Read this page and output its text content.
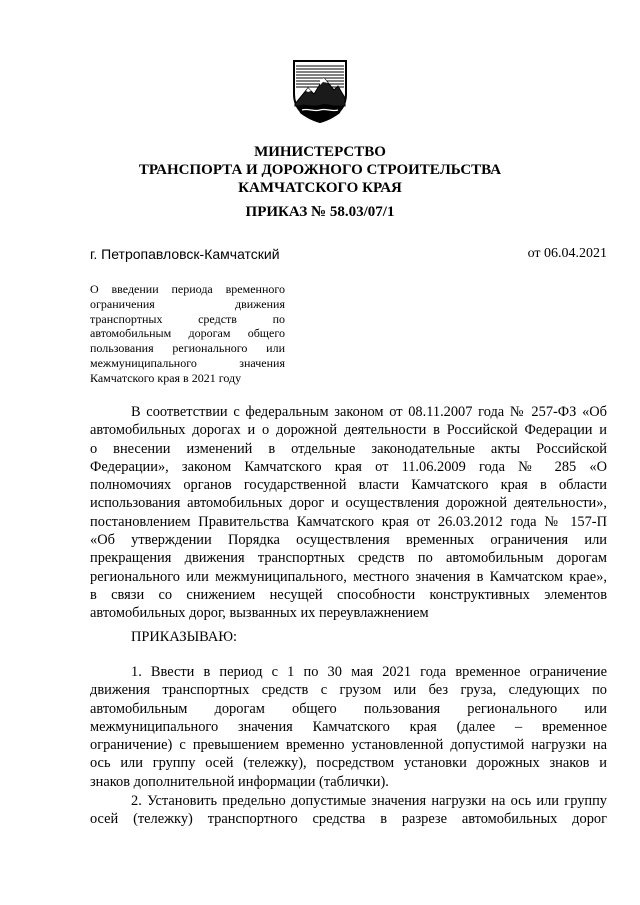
МИНИСТЕРСТВО
ТРАНСПОРТА И ДОРОЖНОГО СТРОИТЕЛЬСТВА
КАМЧАТСКОГО КРАЯ
ПРИКАЗ № 58.03/07/1
г. Петропавловск-Камчатский	от 06.04.2021
О введении периода временного
ограничения движения
транспортных средств по
автомобильным дорогам общего
пользования регионального или
межмуниципального значения
Камчатского края в 2021 году
В соответствии с федеральным законом от 08.11.2007 года № 257-ФЗ «Об
автомобильных дорогах и о дорожной деятельности в Российской Федерации и
о внесении изменений в отдельные законодательные акты Российской
Федерации», законом Камчатского края от 11.06.2009 года № 285 «О
полномочиях органов государственной власти Камчатского края в области
использования автомобильных дорог и осуществления дорожной деятельности»,
постановлением Правительства Камчатского края от 26.03.2012 года № 157-П
«Об утверждении Порядка осуществления временных ограничения или
прекращения движения транспортных средств по автомобильным дорогам
регионального или межмуниципального, местного значения в Камчатском крае»,
в связи со снижением несущей способности конструктивных элементов
автомобильных дорог, вызванных их переувлажнением
ПРИКАЗЫВАЮ:
1. Ввести в период с 1 по 30 мая 2021 года временное ограничение
движения транспортных средств с грузом или без груза, следующих по
автомобильным дорогам общего пользования регионального или
межмуниципального значения Камчатского края (далее – временное
ограничение) с превышением временно установленной допустимой нагрузки на
ось или группу осей (тележку), посредством установки дорожных знаков и
знаков дополнительной информации (таблички).
2. Установить предельно допустимые значения нагрузки на ось или группу
осей (тележку) транспортного средства в разрезе автомобильных дорог
